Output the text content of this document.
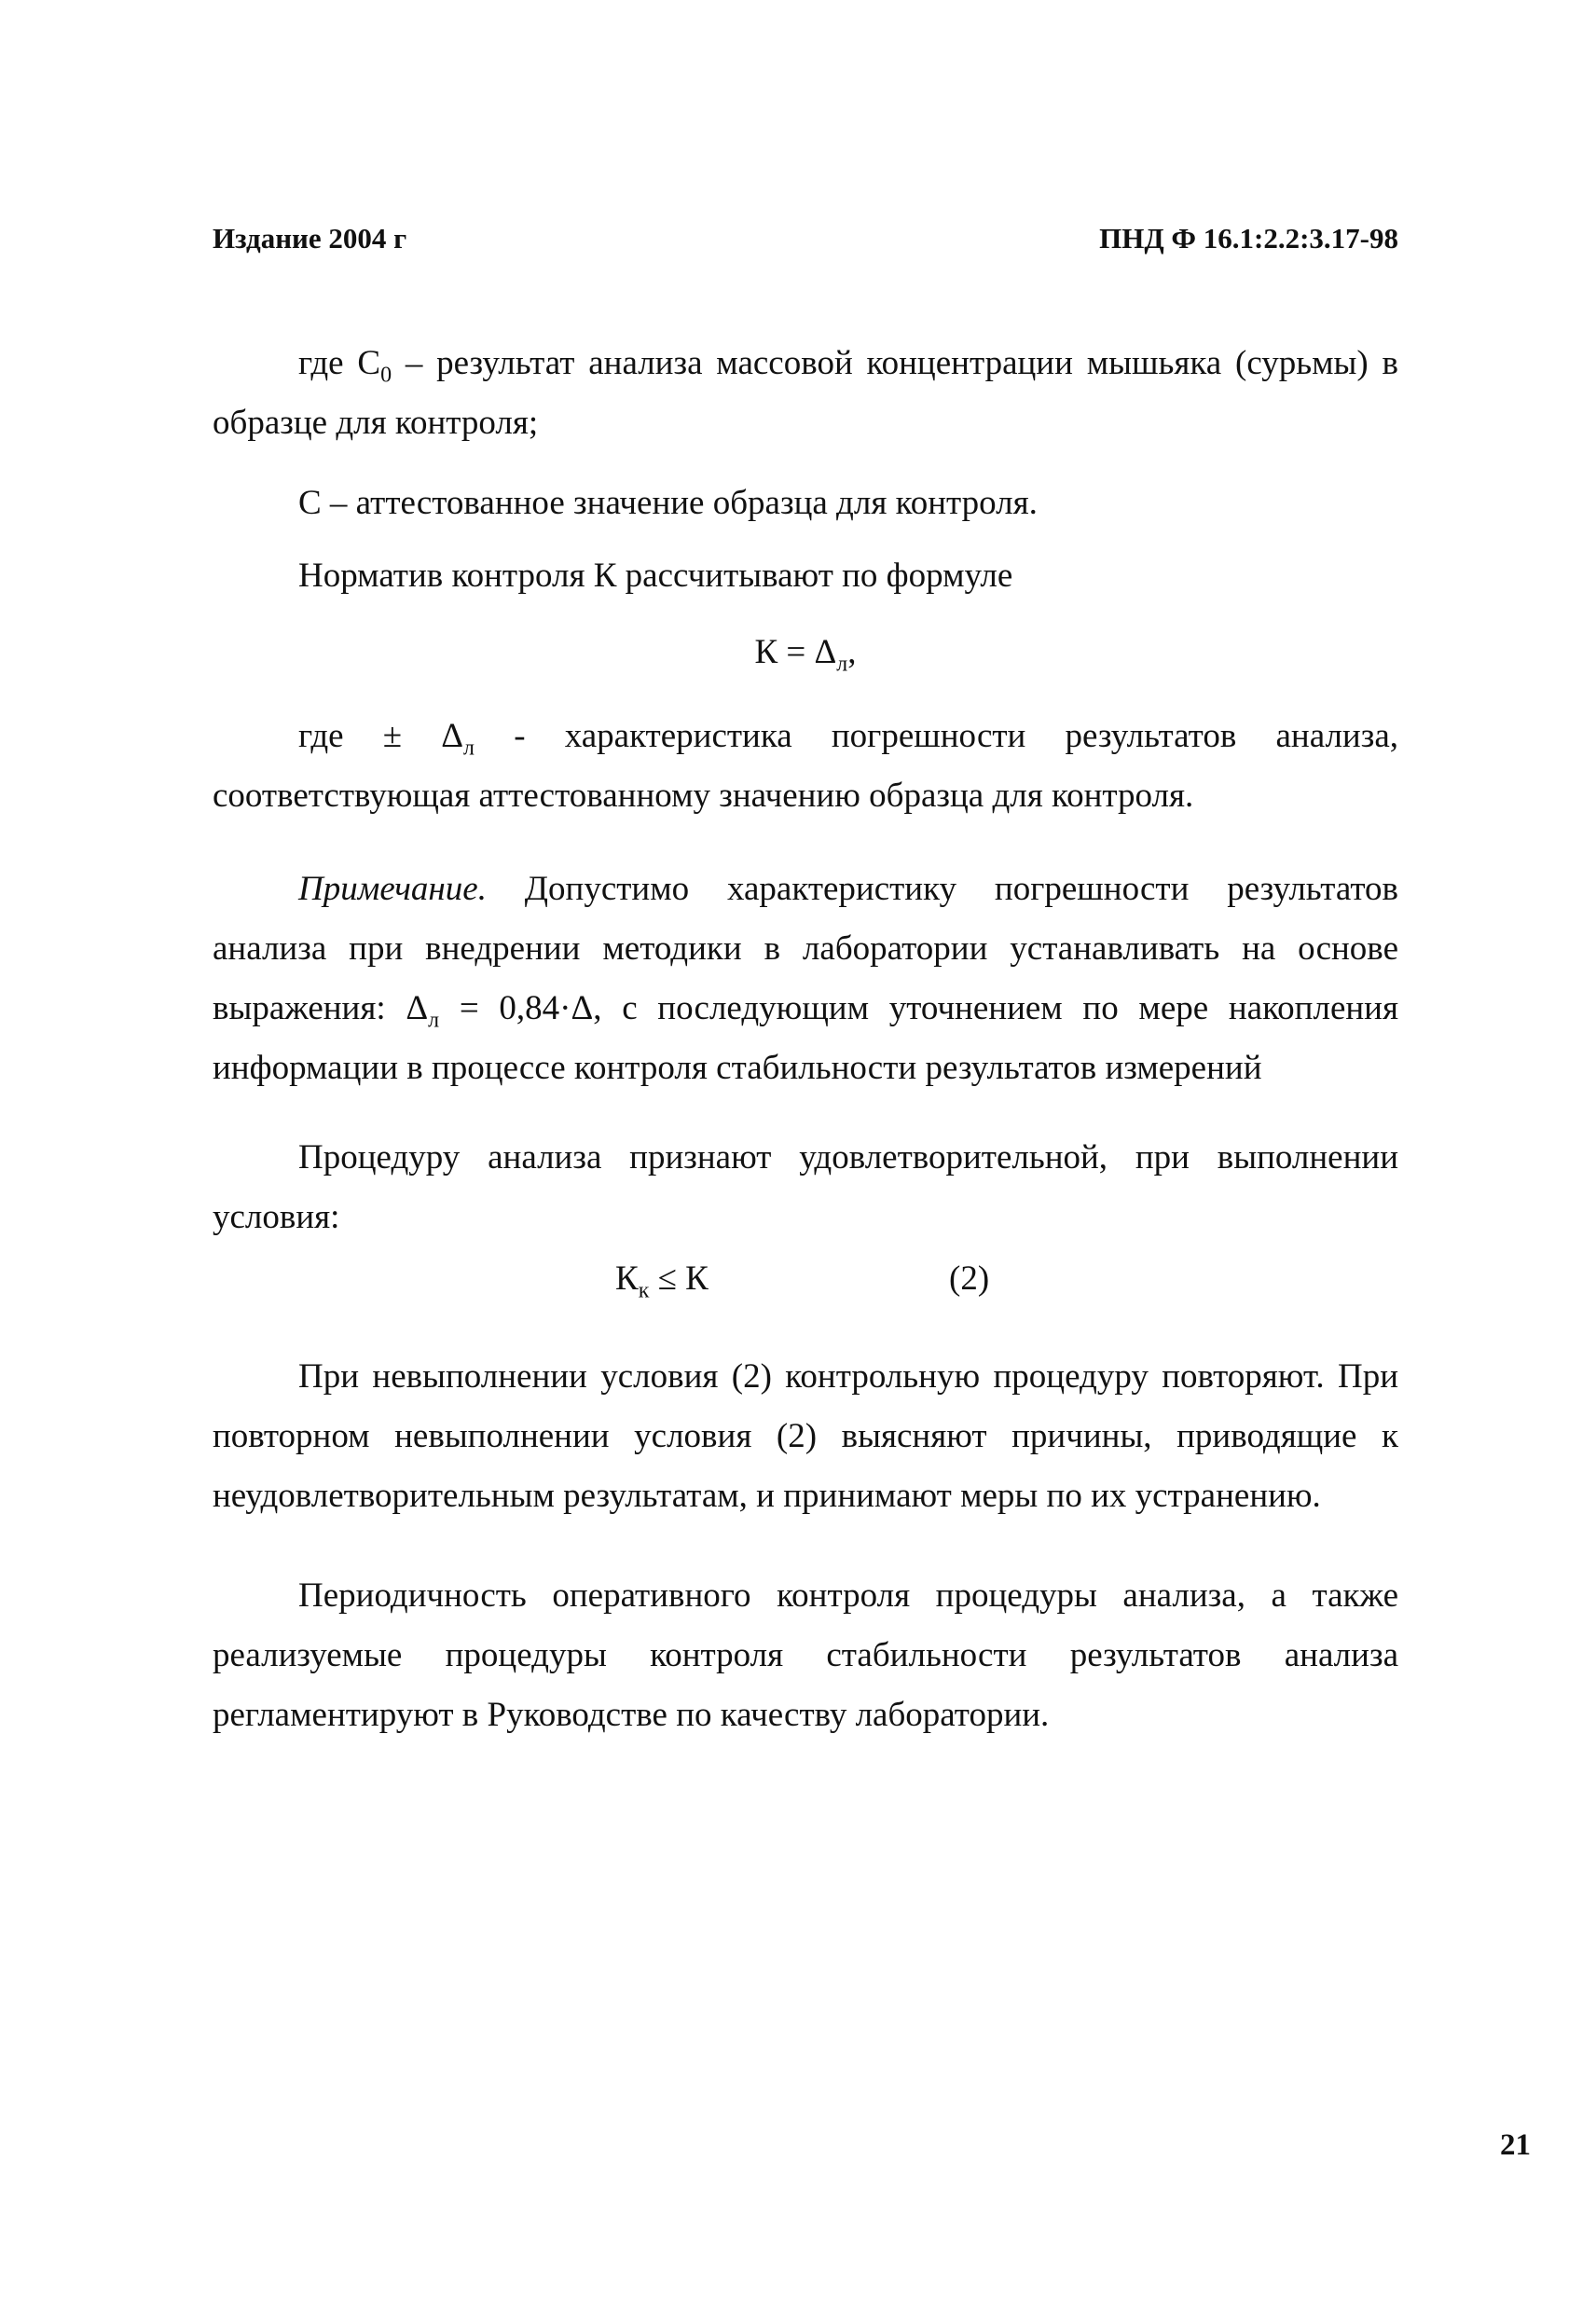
Издание 2004 г	ПНД Ф 16.1:2.2:3.17-98
где $С_0$ – результат анализа массовой концентрации мышьяка (сурьмы) в образце для контроля;
С – аттестованное значение образца для контроля.
Норматив контроля К рассчитывают по формуле
$К = \Delta_л$,
где ± $\Delta_л$ - характеристика погрешности результатов анализа, соответствующая аттестованному значению образца для контроля.
Примечание. Допустимо характеристику погрешности результатов анализа при внедрении методики в лаборатории устанавливать на основе выражения: $\Delta_л = 0,84\cdot\Delta$, с последующим уточнением по мере накопления информации в процессе контроля стабильности результатов измерений
Процедуру анализа признают удовлетворительной, при выполнении условия:
$К_к \le К$	(2)
При невыполнении условия (2) контрольную процедуру повторяют. При повторном невыполнении условия (2) выясняют причины, приводящие к неудовлетворительным результатам, и принимают меры по их устранению.
Периодичность оперативного контроля процедуры анализа, а также реализуемые процедуры контроля стабильности результатов анализа регламентируют в Руководстве по качеству лаборатории.
21
